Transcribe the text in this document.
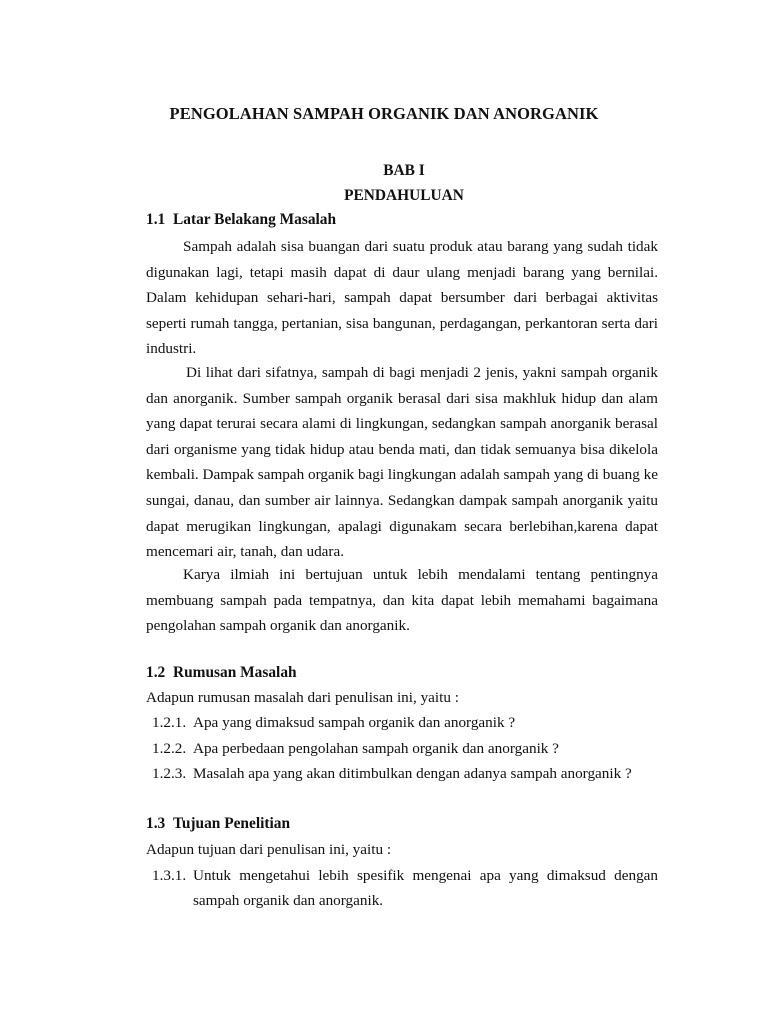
PENGOLAHAN SAMPAH ORGANIK DAN ANORGANIK

BAB I

PENDAHULUAN

1.1 Latar Belakang Masalah

Sampah adalah sisa buangan dari suatu produk atau barang yang sudah tidak digunakan lagi, tetapi masih dapat di daur ulang menjadi barang yang bernilai. Dalam kehidupan sehari-hari, sampah dapat bersumber dari berbagai aktivitas seperti rumah tangga, pertanian, sisa bangunan, perdagangan, perkantoran serta dari industri.

Di lihat dari sifatnya, sampah di bagi menjadi 2 jenis, yakni sampah organik dan anorganik. Sumber sampah organik berasal dari sisa makhluk hidup dan alam yang dapat terurai secara alami di lingkungan, sedangkan sampah anorganik berasal dari organisme yang tidak hidup atau benda mati, dan tidak semuanya bisa dikelola kembali. Dampak sampah organik bagi lingkungan adalah sampah yang di buang ke sungai, danau, dan sumber air lainnya. Sedangkan dampak sampah anorganik yaitu dapat merugikan lingkungan, apalagi digunakam secara berlebihan,karena dapat mencemari air, tanah, dan udara.

Karya ilmiah ini bertujuan untuk lebih mendalami tentang pentingnya membuang sampah pada tempatnya, dan kita dapat lebih memahami bagaimana pengolahan sampah organik dan anorganik.

1.2 Rumusan Masalah

Adapun rumusan masalah dari penulisan ini, yaitu :

1.2.1. Apa yang dimaksud sampah organik dan anorganik ?

1.2.2. Apa perbedaan pengolahan sampah organik dan anorganik ?

1.2.3. Masalah apa yang akan ditimbulkan dengan adanya sampah anorganik ?

1.3 Tujuan Penelitian

Adapun tujuan dari penulisan ini, yaitu :

1.3.1. Untuk mengetahui lebih spesifik mengenai apa yang dimaksud dengan sampah organik dan anorganik.
